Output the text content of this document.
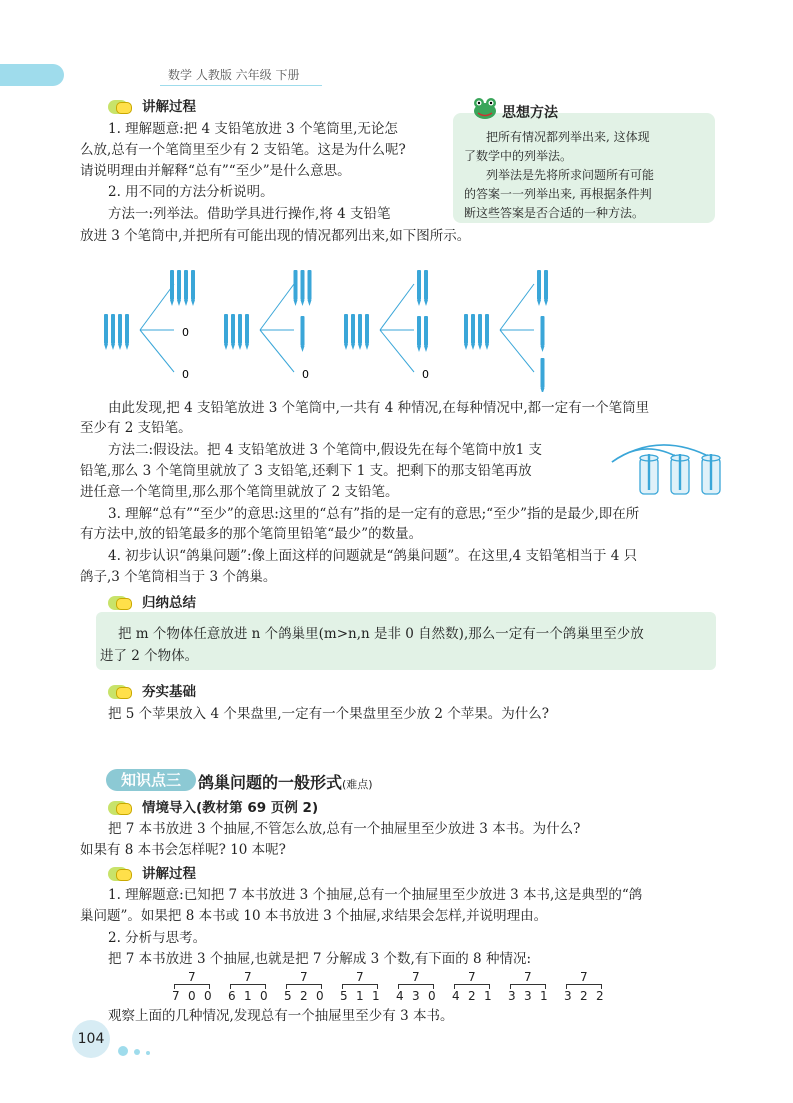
数学 人教版 六年级 下册
讲解过程
1. 理解题意:把 4 支铅笔放进 3 个笔筒里,无论怎
么放,总有一个笔筒里至少有 2 支铅笔。这是为什么呢?
请说明理由并解释“总有”“至少”是什么意思。
2. 用不同的方法分析说明。
方法一:列举法。借助学具进行操作,将 4 支铅笔
放进 3 个笔筒中,并把所有可能出现的情况都列出来,如下图所示。
思想方法
把所有情况都列举出来, 这体现
了数学中的列举法。
列举法是先将所求问题所有可能
的答案一一列举出来, 再根据条件判
断这些答案是否合适的一种方法。
0
0	0	0
由此发现,把 4 支铅笔放进 3 个笔筒中,一共有 4 种情况,在每种情况中,都一定有一个笔筒里
至少有 2 支铅笔。
方法二:假设法。把 4 支铅笔放进 3 个笔筒中,假设先在每个笔筒中放1 支
铅笔,那么 3 个笔筒里就放了 3 支铅笔,还剩下 1 支。把剩下的那支铅笔再放
进任意一个笔筒里,那么那个笔筒里就放了 2 支铅笔。
3. 理解“总有”“至少”的意思:这里的“总有”指的是一定有的意思;“至少”指的是最少,即在所
有方法中,放的铅笔最多的那个笔筒里铅笔“最少”的数量。
4. 初步认识“鸽巢问题”:像上面这样的问题就是“鸽巢问题”。在这里,4 支铅笔相当于 4 只
鸽子,3 个笔筒相当于 3 个鸽巢。
归纳总结
把 m 个物体任意放进 n 个鸽巢里(m>n,n 是非 0 自然数),那么一定有一个鸽巢里至少放
进了 2 个物体。
夯实基础
把 5 个苹果放入 4 个果盘里,一定有一个果盘里至少放 2 个苹果。为什么?
知识点三	鸽巢问题的一般形式(难点)
情境导入(教材第 69 页例 2)
把 7 本书放进 3 个抽屉,不管怎么放,总有一个抽屉里至少放进 3 本书。为什么?
如果有 8 本书会怎样呢? 10 本呢?
讲解过程
1. 理解题意:已知把 7 本书放进 3 个抽屉,总有一个抽屉里至少放进 3 本书,这是典型的“鸽
巢问题”。如果把 8 本书或 10 本书放进 3 个抽屉,求结果会怎样,并说明理由。
2. 分析与思考。
把 7 本书放进 3 个抽屉,也就是把 7 分解成 3 个数,有下面的 8 种情况:
7
7 0 0
7
6 1 0
7
5 2 0
7
5 1 1
7
4 3 0
7
4 2 1
7
3 3 1
7
3 2 2
观察上面的几种情况,发现总有一个抽屉里至少有 3 本书。
104
